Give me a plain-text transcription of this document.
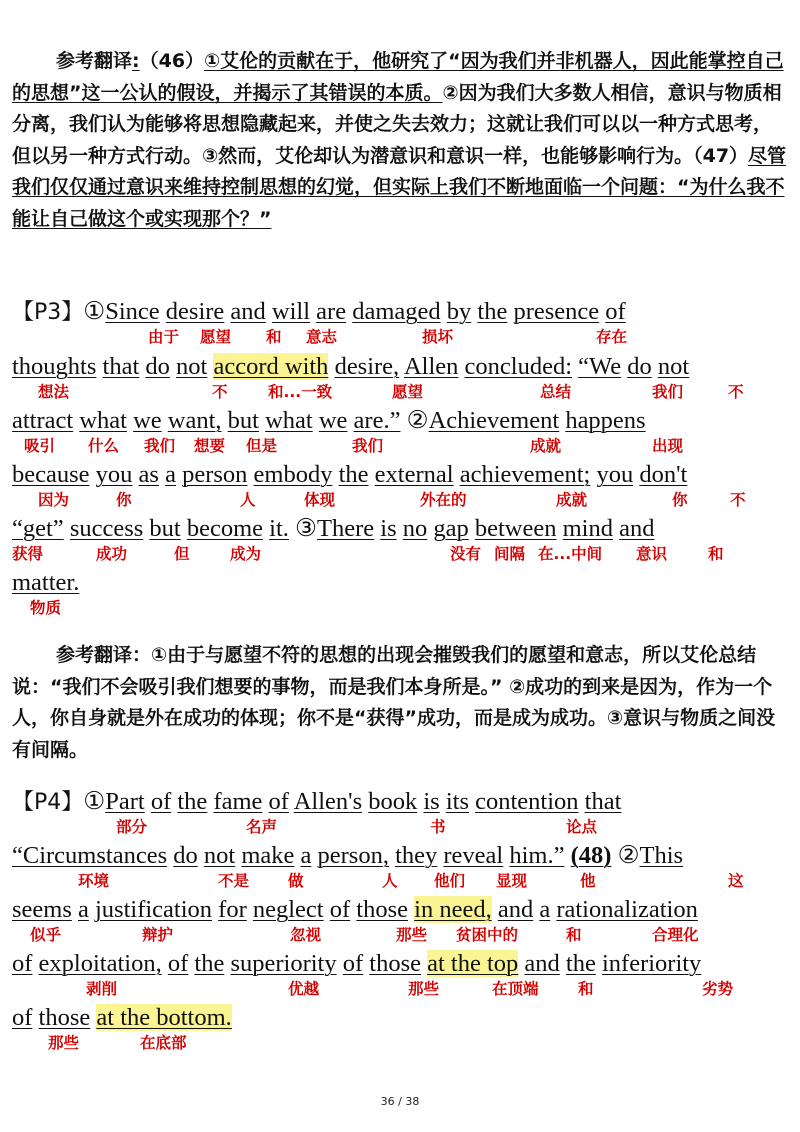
参考翻译:（46）①艾伦的贡献在于，他研究了“因为我们并非机器人，因此能掌控自己的思想”这一公认的假设，并揭示了其错误的本质。②因为我们大多数人相信，意识与物质相分离，我们认为能够将思想隐藏起来，并使之失去效力；这就让我们可以以一种方式思考，但以另一种方式行动。③然而，艾伦却认为潜意识和意识一样，也能够影响行为。（47）尽管我们仅仅通过意识来维持控制思想的幻觉，但实际上我们不断地面临一个问题：“为什么我不能让自己做这个或实现那个？”

【P3】①Since desire and will are damaged by the presence of
由于 愿望 和 意志	损坏	存在
thoughts that do not accord with desire, Allen concluded: “We do not
想法	不	和...一致	愿望	总结	我们	不
attract what we want, but what we are.” ②Achievement happens
吸引 什么 我们 想要 但是	我们	成就	出现
because you as a person embody the external achievement; you don't
因为	你	人	体现	外在的	成就	你	不
“get” success but become it. ③There is no gap between mind and
获得	成功	但	成为	没有 间隔 在...中间 意识	和
matter.
物质

参考翻译：①由于与愿望不符的思想的出现会摧毁我们的愿望和意志，所以艾伦总结说：“我们不会吸引我们想要的事物，而是我们本身所是。” ②成功的到来是因为，作为一个人，你自身就是外在成功的体现；你不是“获得”成功，而是成为成功。③意识与物质之间没有间隔。

【P4】①Part of the fame of Allen's book is its contention that
部分	名声	书	论点
“Circumstances do not make a person, they reveal him.” (48) ②This
环境	不是	做	人 他们 显现	他	这
seems a justification for neglect of those in need, and a rationalization
似乎	辩护	忽视	那些 贫困中的	和	合理化
of exploitation, of the superiority of those at the top and the inferiority
剥削	优越	那些	在顶端	和	劣势
of those at the bottom.
那些	在底部
36 / 38
